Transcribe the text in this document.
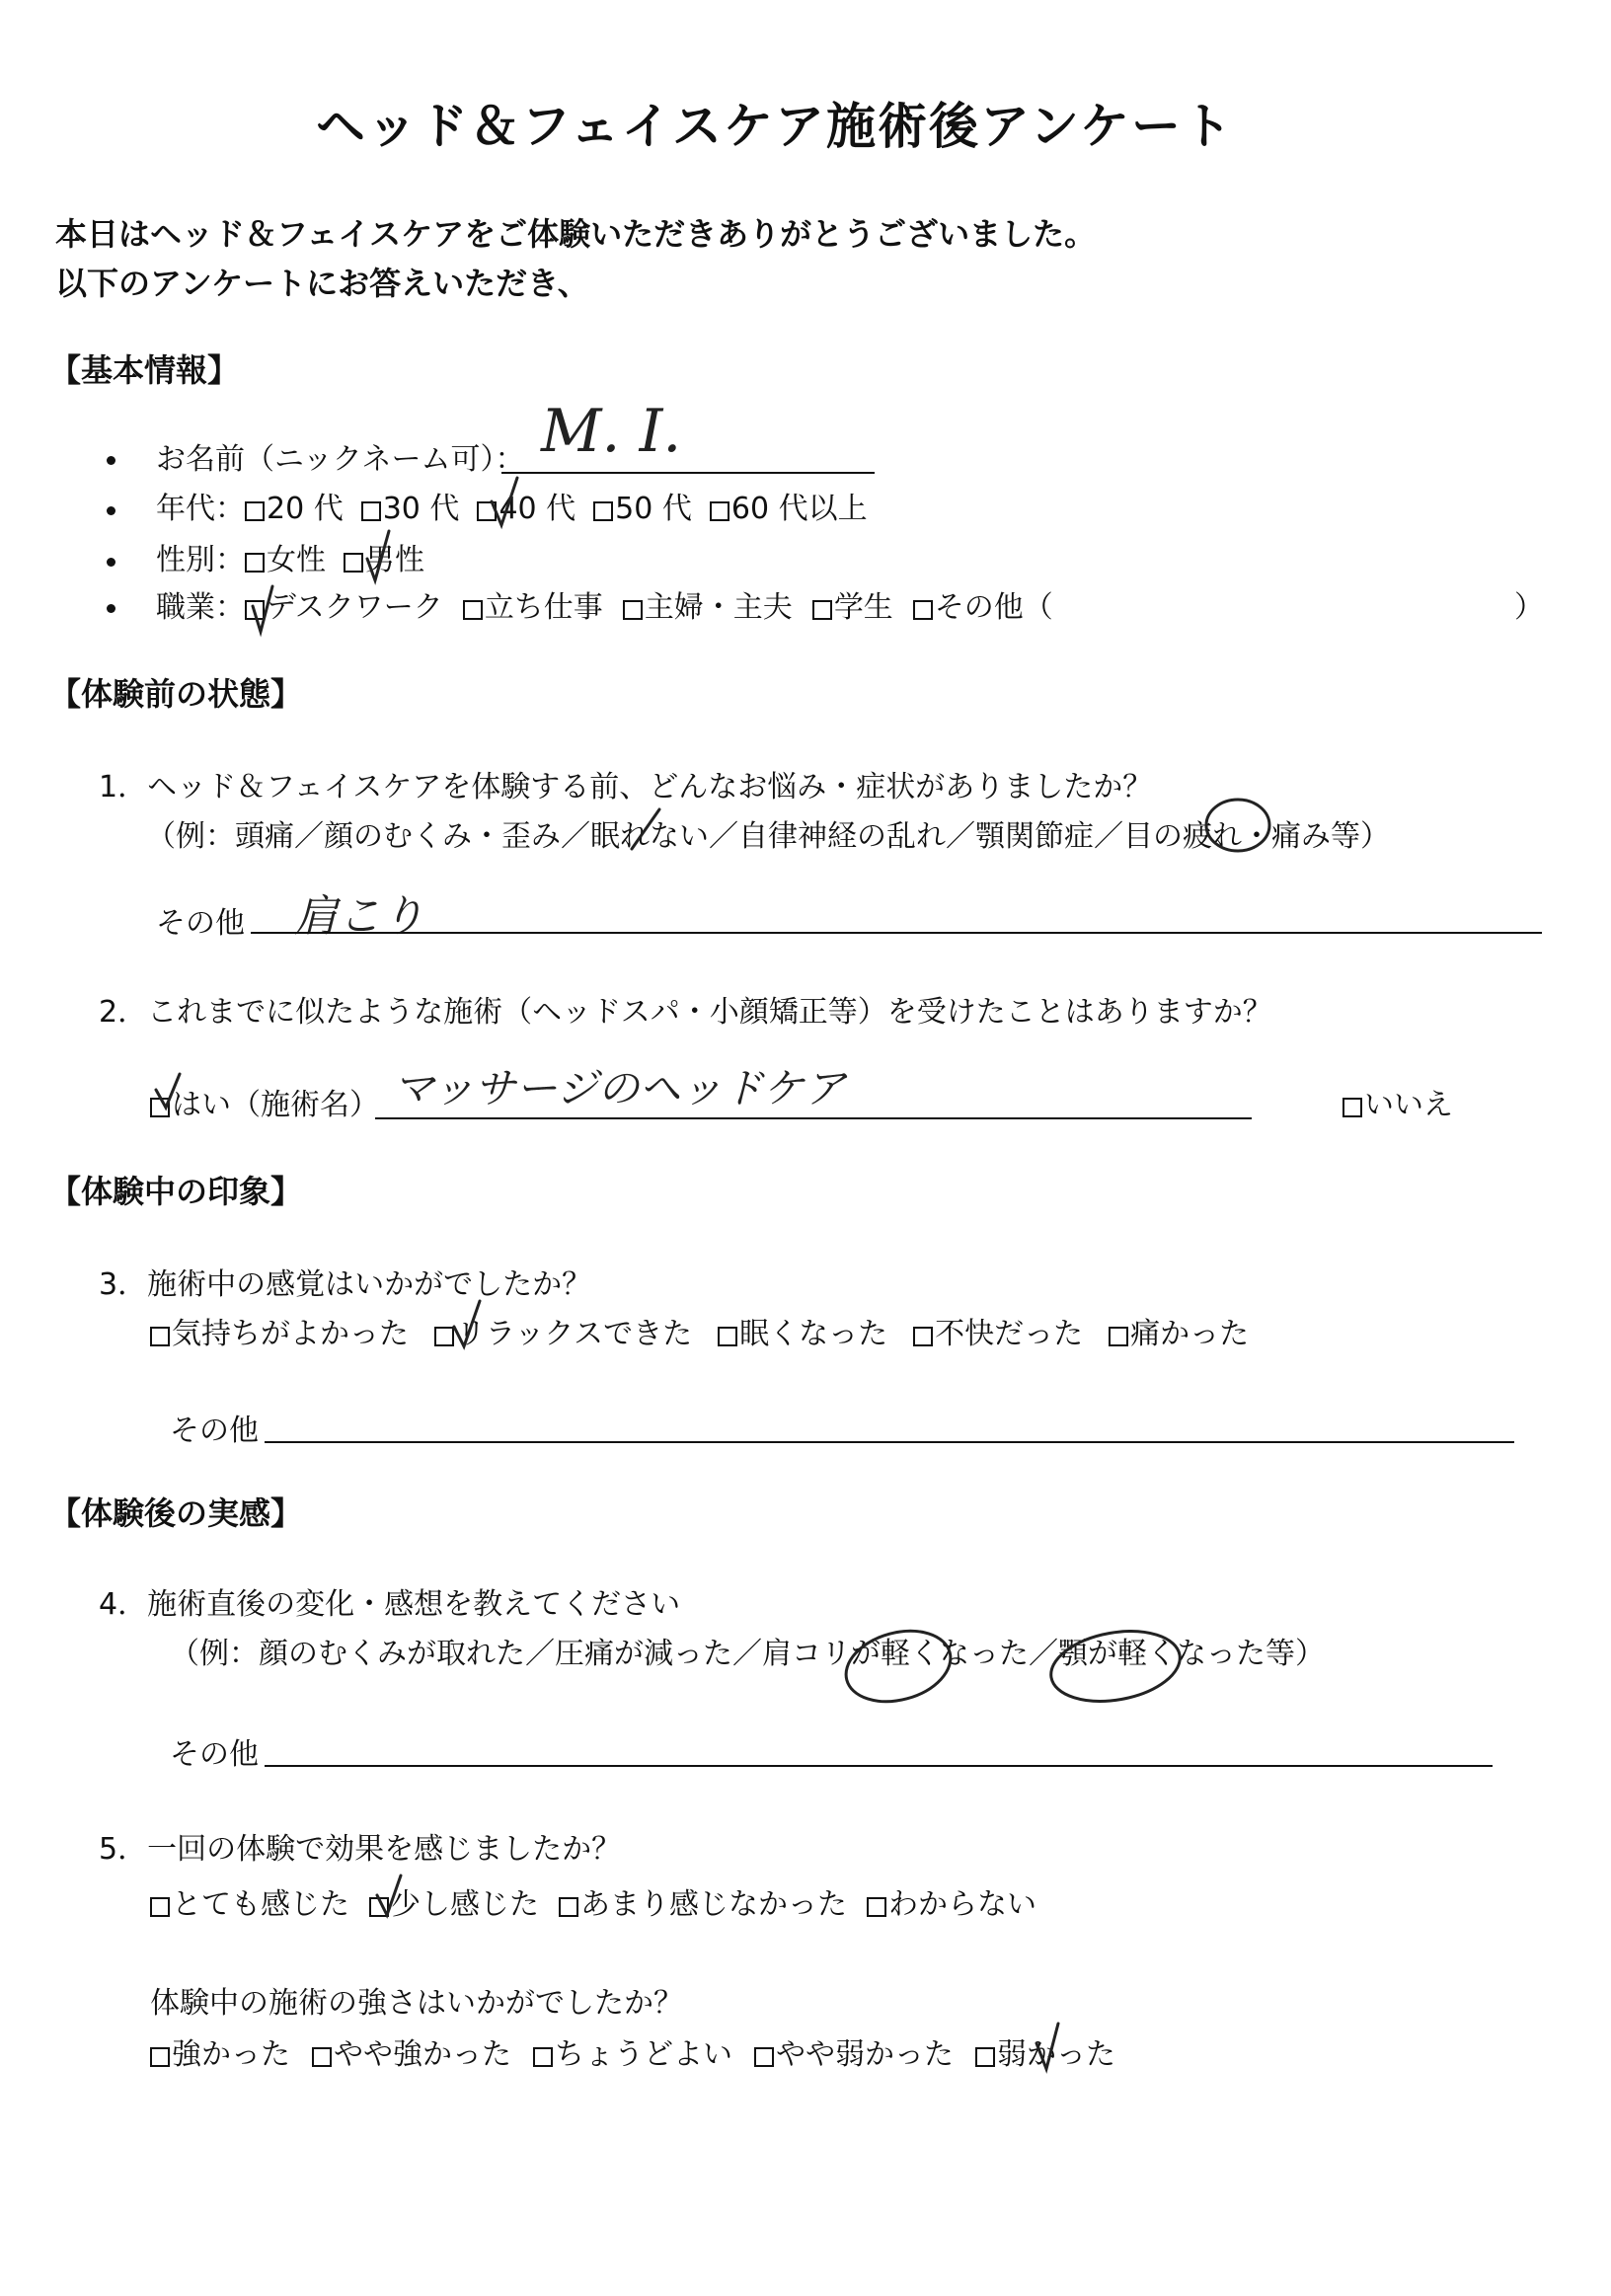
ヘッド＆フェイスケア施術後アンケート
本日はヘッド＆フェイスケアをご体験いただきありがとうございました。
以下のアンケートにお答えいただき、
【基本情報】
お名前（ニックネーム可）： M. I.
年代： 20 代 30 代 40 代 50 代 60 代以上
性別： 女性 男性
職業： デスクワーク 立ち仕事 主婦・主夫 学生 その他（	）
【体験前の状態】
1．ヘッド＆フェイスケアを体験する前、どんなお悩み・症状がありましたか？
（例：頭痛／顔のむくみ・歪み／眠れない／自律神経の乱れ／顎関節症／目の疲れ・痛み等）
その他 肩こり
2．これまでに似たような施術（ヘッドスパ・小顔矯正等）を受けたことはありますか？
はい（施術名） マッサージのヘッドケア	いいえ
【体験中の印象】
3．施術中の感覚はいかがでしたか？
気持ちがよかった リラックスできた 眠くなった 不快だった 痛かった
その他
【体験後の実感】
4．施術直後の変化・感想を教えてください
（例：顔のむくみが取れた／圧痛が減った／肩コリが軽くなった／顎が軽くなった等）
その他
5．一回の体験で効果を感じましたか？
とても感じた 少し感じた あまり感じなかった わからない
体験中の施術の強さはいかがでしたか？
強かった やや強かった ちょうどよい やや弱かった 弱かった
